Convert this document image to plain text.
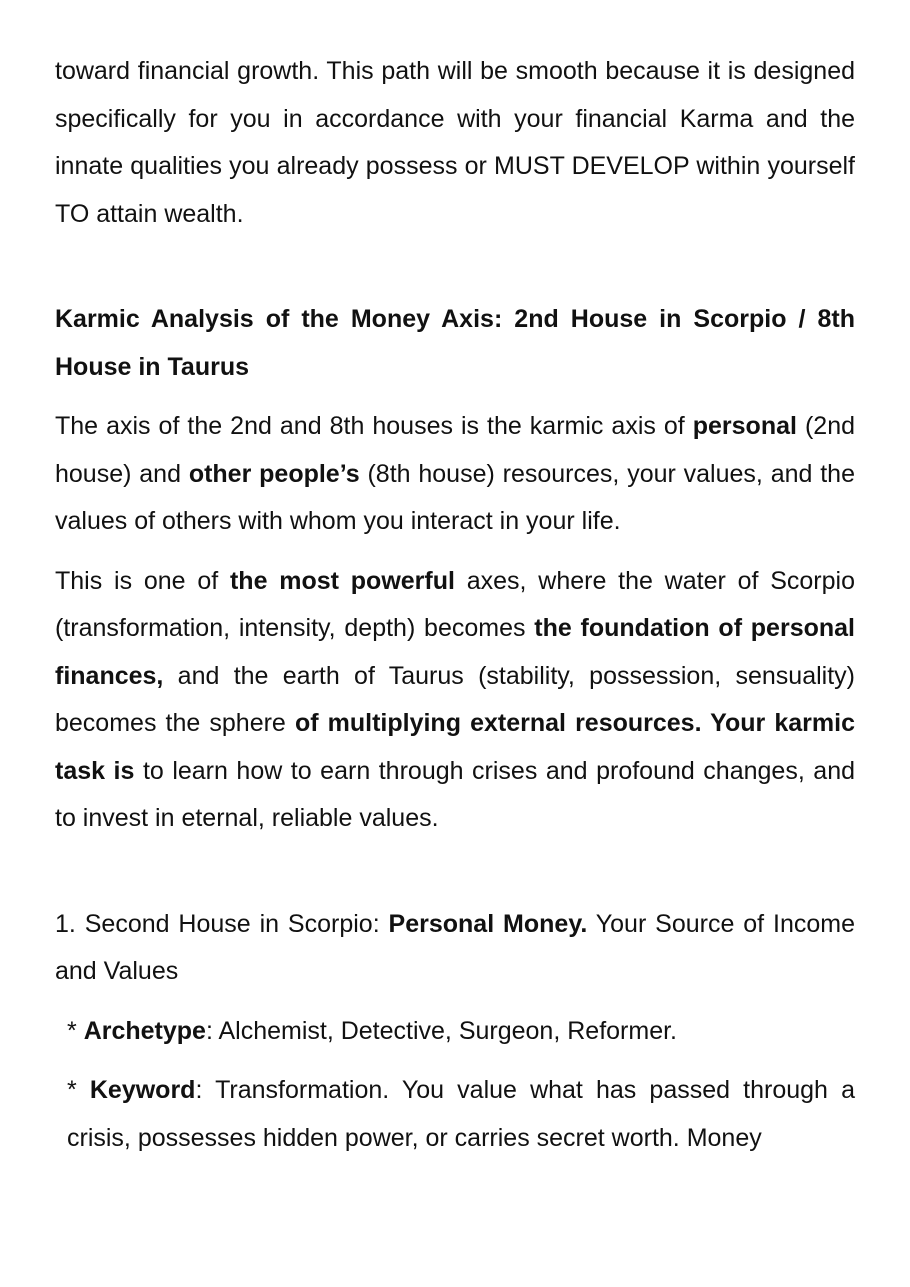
toward financial growth. This path will be smooth because it is designed specifically for you in accordance with your financial Karma and the innate qualities you already possess or MUST DEVELOP within yourself TO attain wealth.

Karmic Analysis of the Money Axis: 2nd House in Scorpio / 8th House in Taurus

The axis of the 2nd and 8th houses is the karmic axis of personal (2nd house) and other people’s (8th house) resources, your values, and the values of others with whom you interact in your life.

This is one of the most powerful axes, where the water of Scorpio (transformation, intensity, depth) becomes the foundation of personal finances, and the earth of Taurus (stability, possession, sensuality) becomes the sphere of multiplying external resources. Your karmic task is to learn how to earn through crises and profound changes, and to invest in eternal, reliable values.

1. Second House in Scorpio: Personal Money. Your Source of Income and Values

* Archetype: Alchemist, Detective, Surgeon, Reformer.

* Keyword: Transformation. You value what has passed through a crisis, possesses hidden power, or carries secret worth. Money
